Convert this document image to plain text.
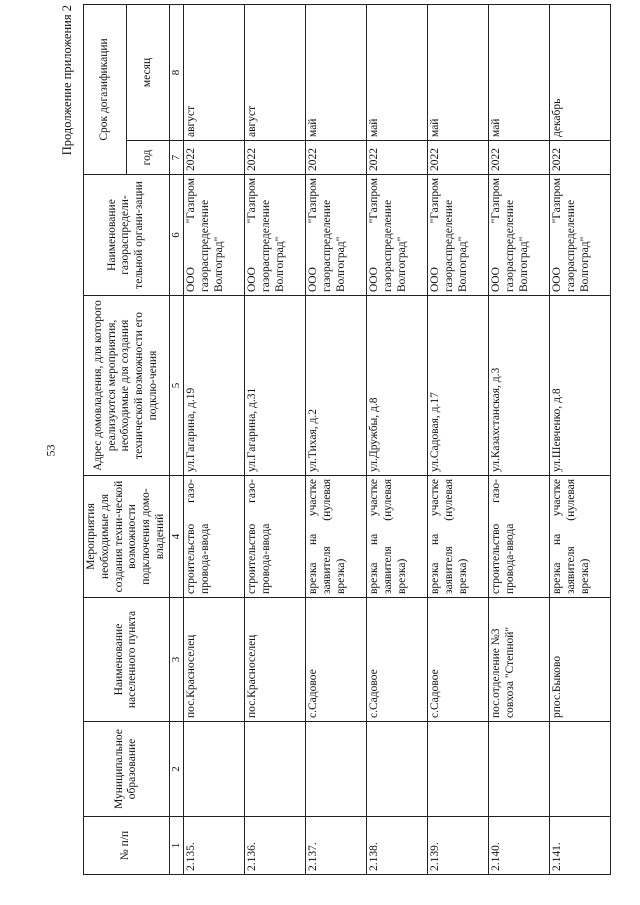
53
Продолжение приложения 2
№ п/п	Муниципальное образование	Наименование населенного пункта	Мероприятия необходимые для создания техни-ческой возможности подключения домо-владений	Адрес домовладения, для которого реализуются мероприятия, необходимые для создания технической возможности его подклю-чения	Наименование газораспредели-тельной органи-зации	Срок догазификации	
						год	месяц
1	2	3	4	5	6	7	8
2.135.		пос.Красноселец	строительство газо-провода-ввода	ул.Гагарина, д.19	ООО "Газпром газораспределение Волгоград"	2022	август
2.136.		пос.Красноселец	строительство газо-провода-ввода	ул.Гагарина, д.31	ООО "Газпром газораспределение Волгоград"	2022	август
2.137.		с.Садовое	врезка на участке заявителя (нулевая врезка)	ул.Тихая, д.2	ООО "Газпром газораспределение Волгоград"	2022	май
2.138.		с.Садовое	врезка на участке заявителя (нулевая врезка)	ул.Дружбы, д.8	ООО "Газпром газораспределение Волгоград"	2022	май
2.139.		с.Садовое	врезка на участке заявителя (нулевая врезка)	ул.Садовая, д.17	ООО "Газпром газораспределение Волгоград"	2022	май
2.140.		пос.отделение №3 совхоза "Степной"	строительство газо-провода-ввода	ул.Казахстанская, д.3	ООО "Газпром газораспределение Волгоград"	2022	май
2.141.		рпос.Быково	врезка на участке заявителя (нулевая врезка)	ул.Шевченко, д.8	ООО "Газпром газораспределение Волгоград"	2022	декабрь
